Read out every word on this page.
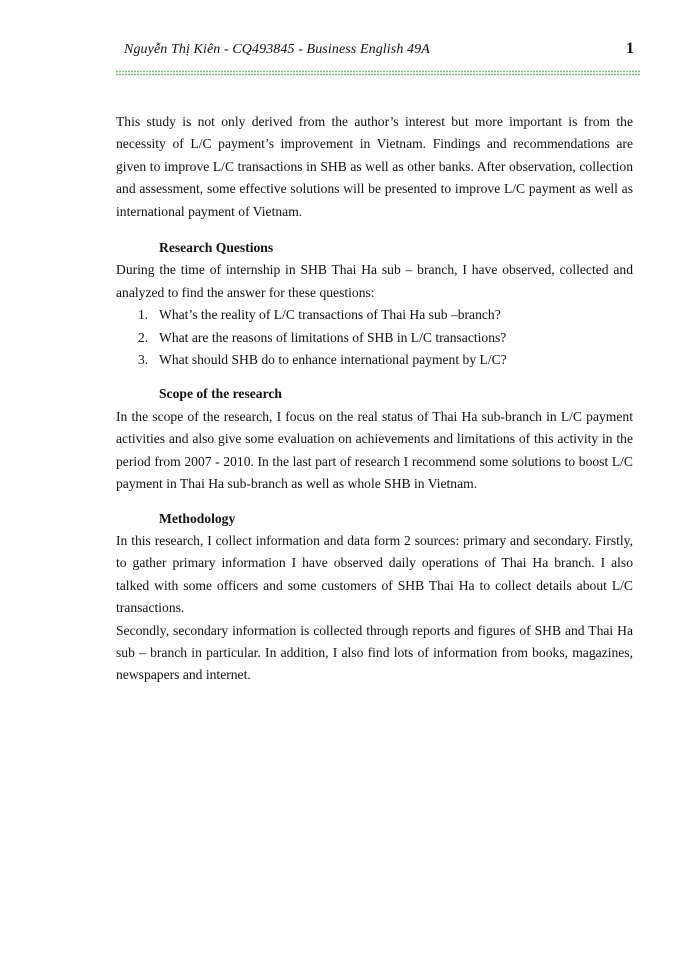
Nguyễn Thị Kiên - CQ493845 - Business English 49A	1

This study is not only derived from the author’s interest but more important is from the necessity of L/C payment’s improvement in Vietnam. Findings and recommendations are given to improve L/C transactions in SHB as well as other banks. After observation, collection and assessment, some effective solutions will be presented to improve L/C payment as well as international payment of Vietnam.

Research Questions

During the time of internship in SHB Thai Ha sub – branch, I have observed, collected and analyzed to find the answer for these questions:

1. What’s the reality of L/C transactions of Thai Ha sub –branch?
2. What are the reasons of limitations of SHB in L/C transactions?
3. What should SHB do to enhance international payment by L/C?
Scope of the research

In the scope of the research, I focus on the real status of Thai Ha sub-branch in L/C payment activities and also give some evaluation on achievements and limitations of this activity in the period from 2007 - 2010. In the last part of research I recommend some solutions to boost L/C payment in Thai Ha sub-branch as well as whole SHB in Vietnam.

Methodology

In this research, I collect information and data form 2 sources: primary and secondary. Firstly, to gather primary information I have observed daily operations of Thai Ha branch. I also talked with some officers and some customers of SHB Thai Ha to collect details about L/C transactions.

Secondly, secondary information is collected through reports and figures of SHB and Thai Ha sub – branch in particular. In addition, I also find lots of information from books, magazines, newspapers and internet.
